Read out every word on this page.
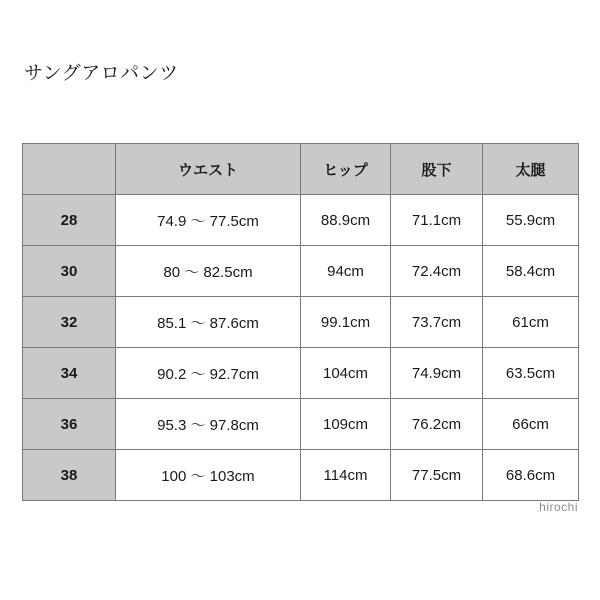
サングアロパンツ
	ウエスト	ヒップ	股下	太腿
28	74.9 〜 77.5cm	88.9cm	71.1cm	55.9cm
30	80 〜 82.5cm	94cm	72.4cm	58.4cm
32	85.1 〜 87.6cm	99.1cm	73.7cm	61cm
34	90.2 〜 92.7cm	104cm	74.9cm	63.5cm
36	95.3 〜 97.8cm	109cm	76.2cm	66cm
38	100 〜 103cm	114cm	77.5cm	68.6cm
hirochi
